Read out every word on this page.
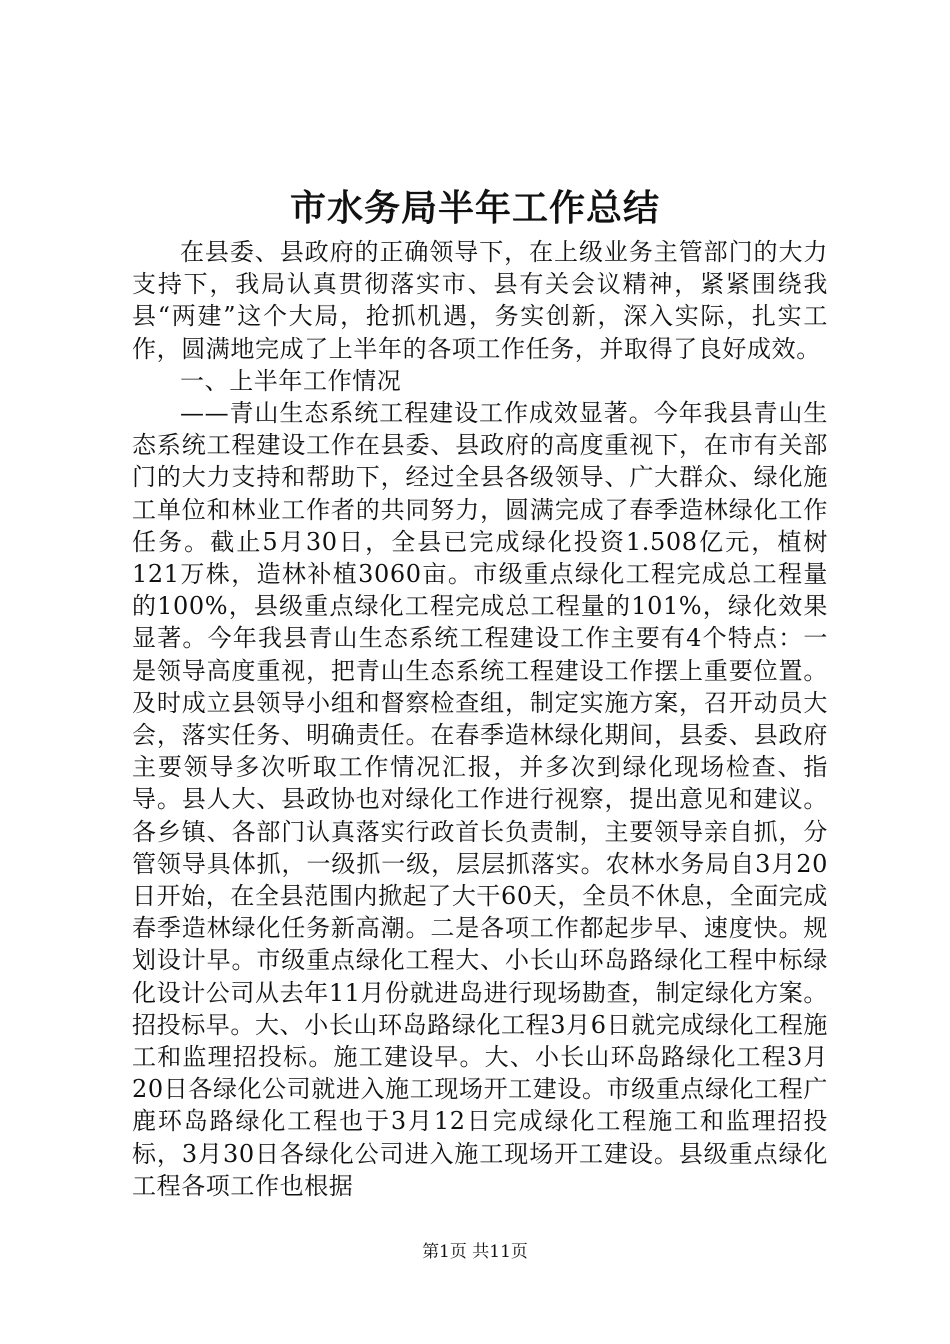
市水务局半年工作总结

在县委、县政府的正确领导下，在上级业务主管部门的大力支持下，我局认真贯彻落实市、县有关会议精神，紧紧围绕我县“两建”这个大局，抢抓机遇，务实创新，深入实际，扎实工作，圆满地完成了上半年的各项工作任务，并取得了良好成效。

一、上半年工作情况

——青山生态系统工程建设工作成效显著。今年我县青山生态系统工程建设工作在县委、县政府的高度重视下，在市有关部门的大力支持和帮助下，经过全县各级领导、广大群众、绿化施工单位和林业工作者的共同努力，圆满完成了春季造林绿化工作任务。截止5月30日，全县已完成绿化投资1.508亿元，植树121万株，造林补植3060亩。市级重点绿化工程完成总工程量的100%，县级重点绿化工程完成总工程量的101%，绿化效果显著。今年我县青山生态系统工程建设工作主要有4个特点：一是领导高度重视，把青山生态系统工程建设工作摆上重要位置。及时成立县领导小组和督察检查组，制定实施方案，召开动员大会，落实任务、明确责任。在春季造林绿化期间，县委、县政府主要领导多次听取工作情况汇报，并多次到绿化现场检查、指导。县人大、县政协也对绿化工作进行视察，提出意见和建议。各乡镇、各部门认真落实行政首长负责制，主要领导亲自抓，分管领导具体抓，一级抓一级，层层抓落实。农林水务局自3月20日开始，在全县范围内掀起了大干60天，全员不休息，全面完成春季造林绿化任务新高潮。二是各项工作都起步早、速度快。规划设计早。市级重点绿化工程大、小长山环岛路绿化工程中标绿化设计公司从去年11月份就进岛进行现场勘查，制定绿化方案。招投标早。大、小长山环岛路绿化工程3月6日就完成绿化工程施工和监理招投标。施工建设早。大、小长山环岛路绿化工程3月20日各绿化公司就进入施工现场开工建设。市级重点绿化工程广鹿环岛路绿化工程也于3月12日完成绿化工程施工和监理招投标，3月30日各绿化公司进入施工现场开工建设。县级重点绿化工程各项工作也根据

第1页 共11页
